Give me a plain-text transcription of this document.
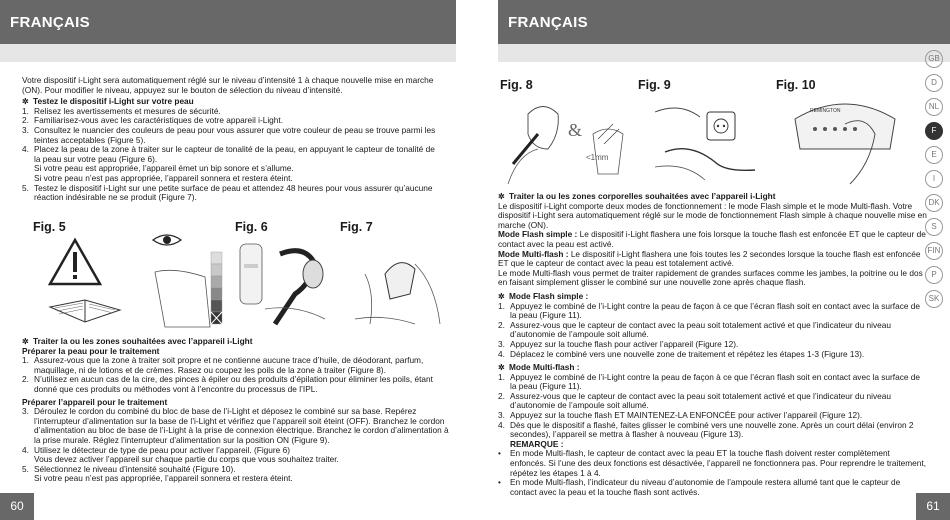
FRANÇAIS

Votre dispositif i-Light sera automatiquement réglé sur le niveau d’intensité 1 à chaque nouvelle mise en marche (ON). Pour modifier le niveau, appuyez sur le bouton de sélection du niveau d’intensité.

✲ Testez le dispositif i-Light sur votre peau
1. Relisez les avertissements et mesures de sécurité.
2. Familiarisez-vous avec les caractéristiques de votre appareil i-Light.
3. Consultez le nuancier des couleurs de peau pour vous assurer que votre couleur de peau se trouve parmi les teintes acceptables (Figure 5).
4. Placez la peau de la zone à traiter sur le capteur de tonalité de la peau, en appuyant le capteur de tonalité de la peau sur votre peau (Figure 6).
Si votre peau est appropriée, l’appareil émet un bip sonore et s’allume.
Si votre peau n’est pas appropriée, l’appareil sonnera et restera éteint.
5. Testez le dispositif i-Light sur une petite surface de peau et attendez 48 heures pour vous assurer qu’aucune réaction indésirable ne se produit (Figure 7).
Fig. 5	Fig. 6	Fig. 7
✲ Traiter la ou les zones souhaitées avec l’appareil i-Light

Préparer la peau pour le traitement

1. Assurez-vous que la zone à traiter soit propre et ne contienne aucune trace d’huile, de déodorant, parfum, maquillage, ni de lotions et de crèmes. Rasez ou coupez les poils de la zone à traiter (Figure 8).
2. N’utilisez en aucun cas de la cire, des pinces à épiler ou des produits d’épilation pour éliminer les poils, étant donné que ces produits ou méthodes vont à l’encontre du processus de l’IPL.

Préparer l’appareil pour le traitement

3. Déroulez le cordon du combiné du bloc de base de l’i-Light et déposez le combiné sur sa base. Repérez l’interrupteur d’alimentation sur la base de l’i-Light et vérifiez que l’appareil soit éteint (OFF). Branchez le cordon d’alimentation au bloc de base de l’i-Light à la prise de connexion électrique. Branchez le cordon d’alimentation à la prise murale. Réglez l’interrupteur d’alimentation sur la position ON (Figure 9).
4. Utilisez le détecteur de type de peau pour activer l’appareil. (Figure 6)
Vous devez activer l’appareil sur chaque partie du corps que vous souhaitez traiter.
5. Sélectionnez le niveau d’intensité souhaité (Figure 10).
Si votre peau n’est pas appropriée, l’appareil sonnera et restera éteint.
60
FRANÇAIS
Fig. 8	Fig. 9	Fig. 10
&
<1mm
REMINGTON
✲ Traiter la ou les zones corporelles souhaitées avec l’appareil i-Light

Le dispositif i-Light comporte deux modes de fonctionnement : le mode Flash simple et le mode Multi-flash. Votre dispositif i-Light sera automatiquement réglé sur le mode de fonctionnement Flash simple à chaque nouvelle mise en marche (ON).

Mode Flash simple : Le dispositif i-Light flashera une fois lorsque la touche flash est enfoncée ET que le capteur de contact avec la peau est activé.

Mode Multi-flash : Le dispositif i-Light flashera une fois toutes les 2 secondes lorsque la touche flash est enfoncée ET que le capteur de contact avec la peau est totalement activé.

Le mode Multi-flash vous permet de traiter rapidement de grandes surfaces comme les jambes, la poitrine ou le dos en faisant simplement glisser le combiné sur une nouvelle zone après chaque flash.

✲ Mode Flash simple :
1. Appuyez le combiné de l’i-Light contre la peau de façon à ce que l’écran flash soit en contact avec la surface de la peau (Figure 11).
2. Assurez-vous que le capteur de contact avec la peau soit totalement activé et que l’indicateur du niveau d’autonomie de l’ampoule soit allumé.
3. Appuyez sur la touche flash pour activer l’appareil (Figure 12).
4. Déplacez le combiné vers une nouvelle zone de traitement et répétez les étapes 1-3 (Figure 13).
✲ Mode Multi-flash :
1. Appuyez le combiné de l’i-Light contre la peau de façon à ce que l’écran flash soit en contact avec la surface de la peau (Figure 11).
2. Assurez-vous que le capteur de contact avec la peau soit totalement activé et que l’indicateur du niveau d’autonomie de l’ampoule soit allumé.
3. Appuyez sur la touche flash ET MAINTENEZ-LA ENFONCÉE pour activer l’appareil (Figure 12).
4. Dès que le dispositif a flashé, faites glisser le combiné vers une nouvelle zone. Après un court délai (environ 2 secondes), l’appareil se mettra à flasher à nouveau (Figure 13).

REMARQUE :

•	En mode Multi-flash, le capteur de contact avec la peau ET la touche flash doivent rester complètement enfoncés. Si l’une des deux fonctions est désactivée, l’appareil ne fonctionnera pas. Pour reprendre le traitement, répétez les étapes 1 à 4.
•	En mode Multi-flash, l’indicateur du niveau d’autonomie de l’ampoule restera allumé tant que le capteur de contact avec la peau et la touche flash sont activés.
61
GB
D
NL
F
E
I
DK
S
FIN
P
SK
